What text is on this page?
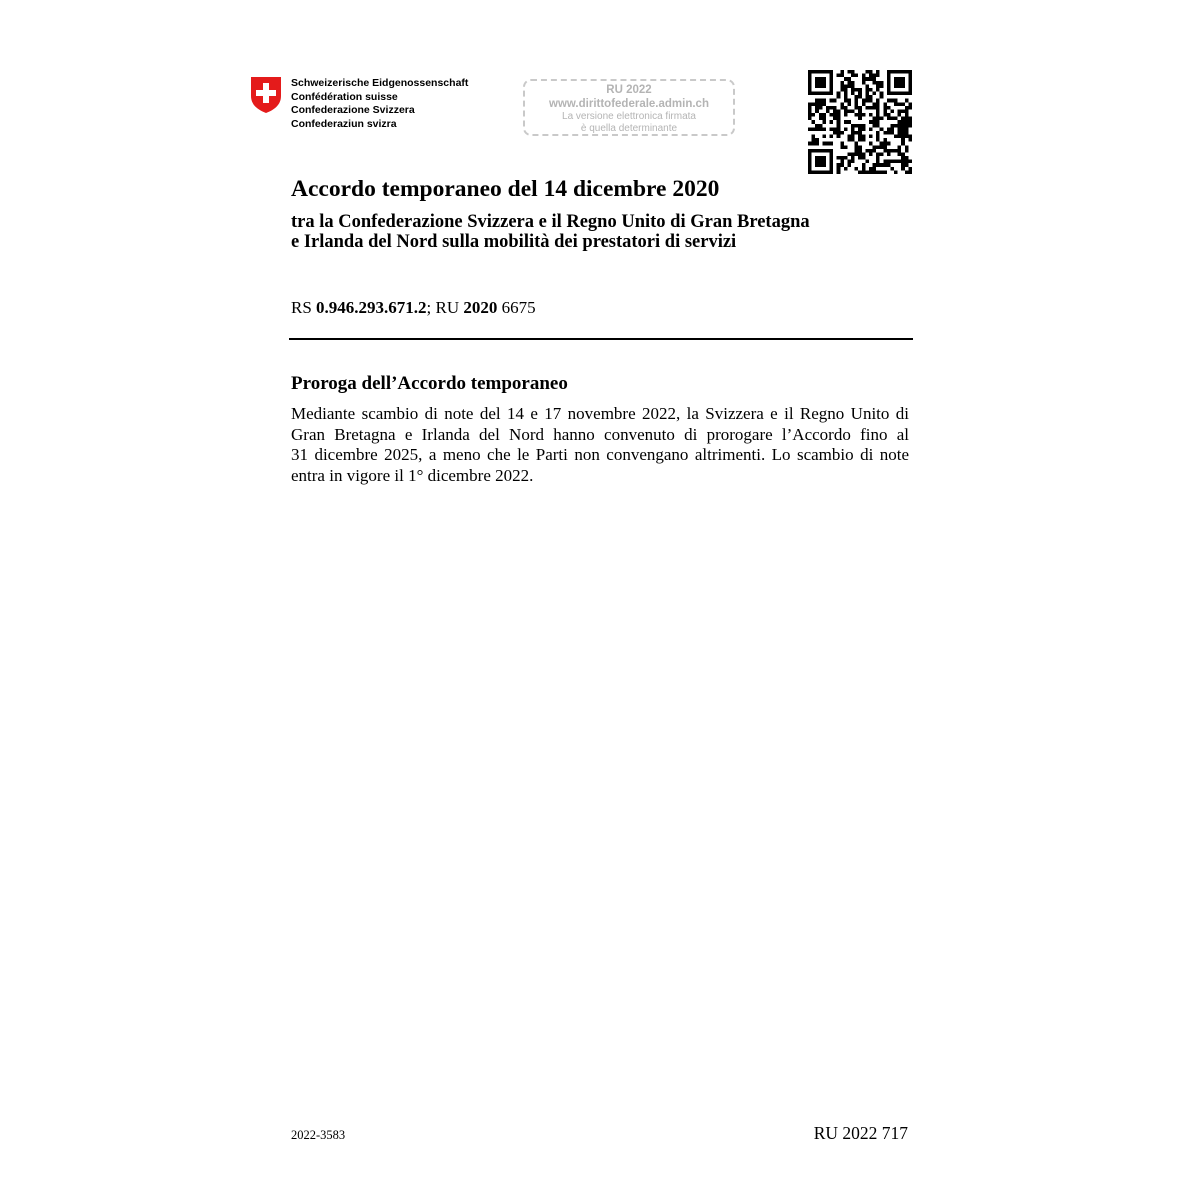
Schweizerische Eidgenossenschaft
Confédération suisse
Confederazione Svizzera
Confederaziun svizra
RU 2022
www.dirittofederale.admin.ch
La versione elettronica firmata
è quella determinante
Accordo temporaneo del 14 dicembre 2020
tra la Confederazione Svizzera e il Regno Unito di Gran Bretagna
e Irlanda del Nord sulla mobilità dei prestatori di servizi
RS 0.946.293.671.2; RU 2020 6675
Proroga dell’Accordo temporaneo
Mediante scambio di note del 14 e 17 novembre 2022, la Svizzera e il Regno Unito di
Gran Bretagna e Irlanda del Nord hanno convenuto di prorogare l’Accordo fino al
31 dicembre 2025, a meno che le Parti non convengano altrimenti. Lo scambio di note
entra in vigore il 1° dicembre 2022.
2022-3583	RU 2022 717
